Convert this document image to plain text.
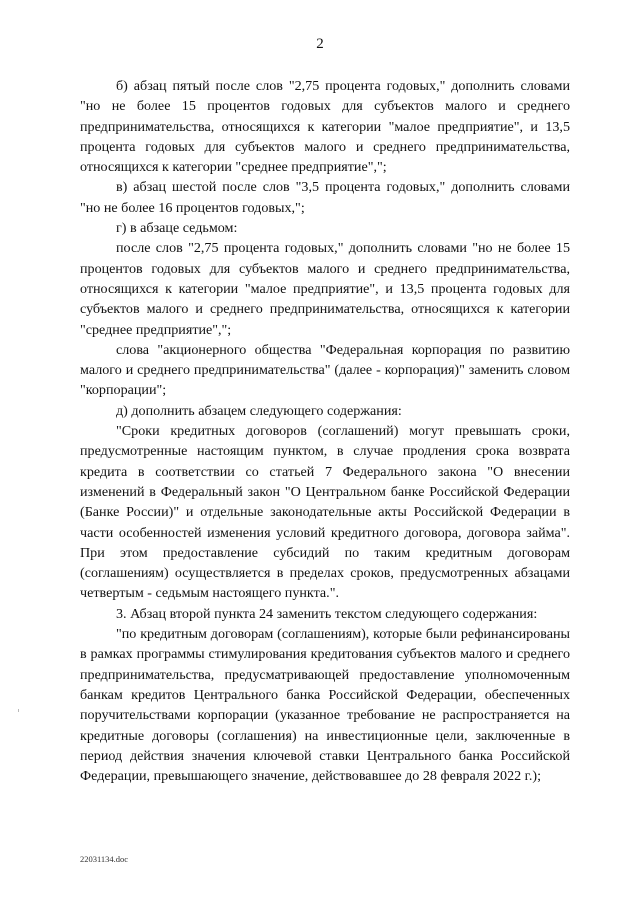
2

б) абзац пятый после слов "2,75 процента годовых," дополнить словами "но не более 15 процентов годовых для субъектов малого и среднего предпринимательства, относящихся к категории "малое предприятие", и 13,5 процента годовых для субъектов малого и среднего предпринимательства, относящихся к категории "среднее предприятие",";

в) абзац шестой после слов "3,5 процента годовых," дополнить словами "но не более 16 процентов годовых,";

г) в абзаце седьмом:

после слов "2,75 процента годовых," дополнить словами "но не более 15 процентов годовых для субъектов малого и среднего предпринимательства, относящихся к категории "малое предприятие", и 13,5 процента годовых для субъектов малого и среднего предпринимательства, относящихся к категории "среднее предприятие",";

слова "акционерного общества "Федеральная корпорация по развитию малого и среднего предпринимательства" (далее - корпорация)" заменить словом "корпорации";

д) дополнить абзацем следующего содержания:

"Сроки кредитных договоров (соглашений) могут превышать сроки, предусмотренные настоящим пунктом, в случае продления срока возврата кредита в соответствии со статьей 7 Федерального закона "О внесении изменений в Федеральный закон "О Центральном банке Российской Федерации (Банке России)" и отдельные законодательные акты Российской Федерации в части особенностей изменения условий кредитного договора, договора займа". При этом предоставление субсидий по таким кредитным договорам (соглашениям) осуществляется в пределах сроков, предусмотренных абзацами четвертым - седьмым настоящего пункта.".

3. Абзац второй пункта 24 заменить текстом следующего содержания:

"по кредитным договорам (соглашениям), которые были рефинансированы в рамках программы стимулирования кредитования субъектов малого и среднего предпринимательства, предусматривающей предоставление уполномоченным банкам кредитов Центрального банка Российской Федерации, обеспеченных поручительствами корпорации (указанное требование не распространяется на кредитные договоры (соглашения) на инвестиционные цели, заключенные в период действия значения ключевой ставки Центрального банка Российской Федерации, превышающего значение, действовавшее до 28 февраля 2022 г.);

22031134.doc
